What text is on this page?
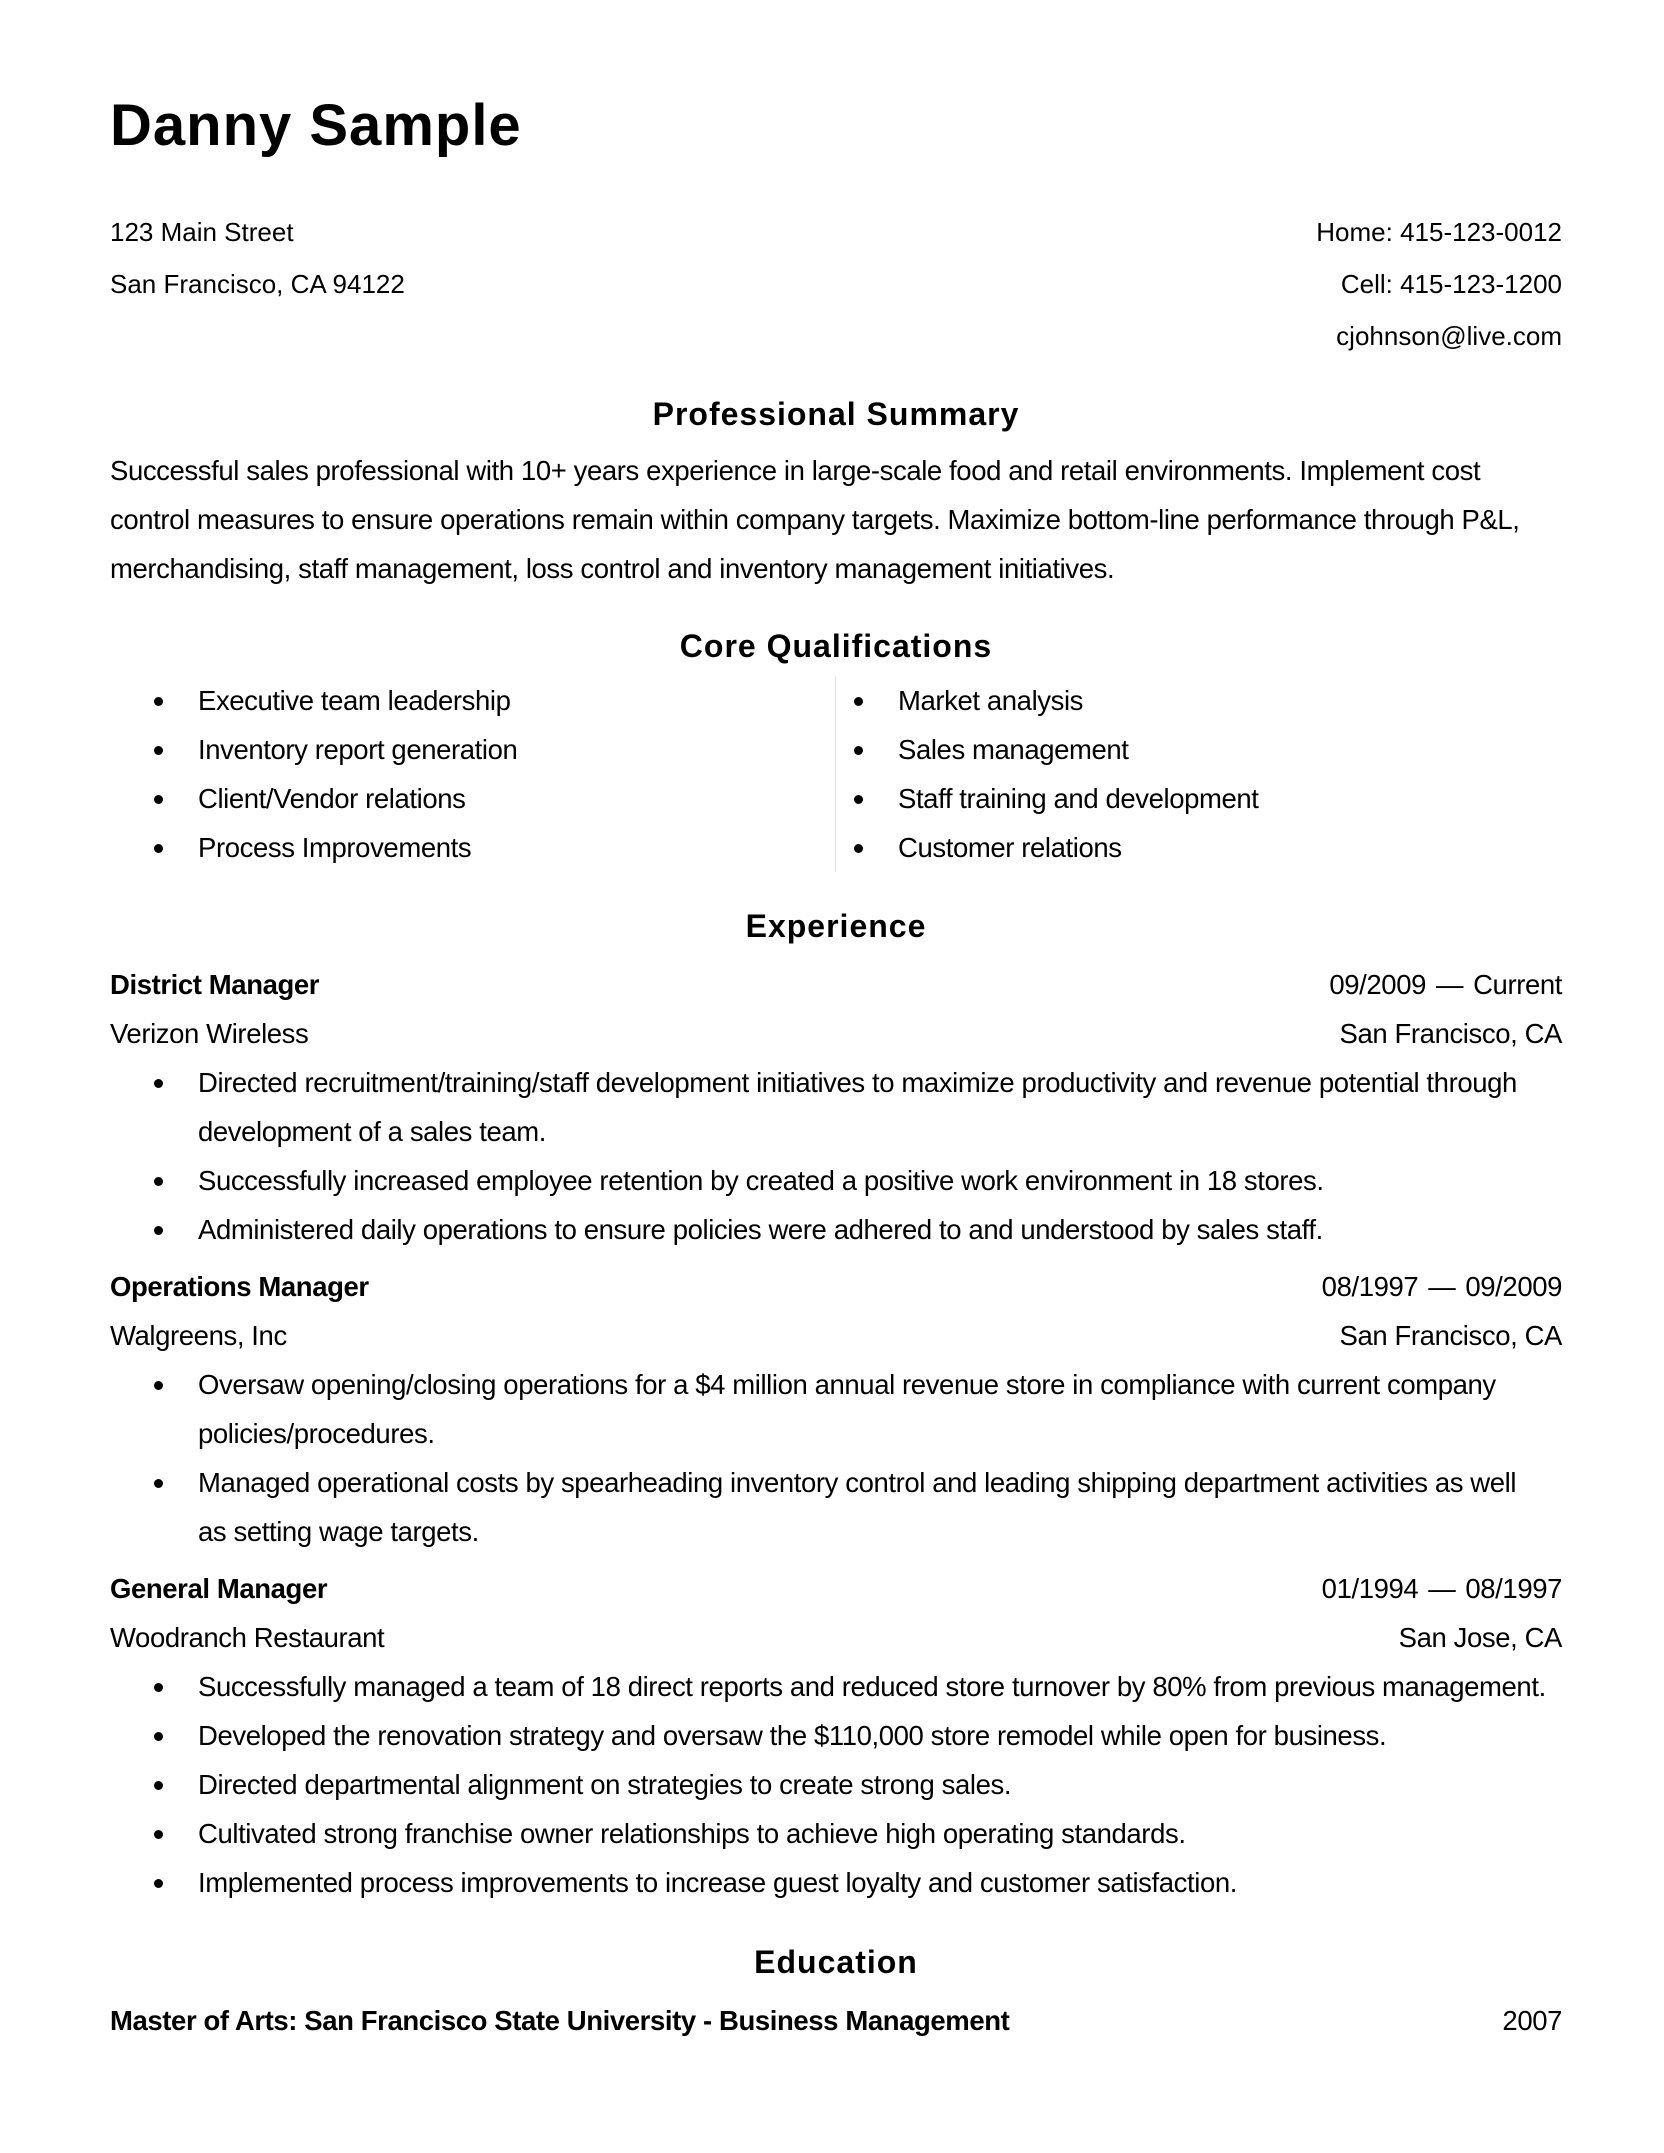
Danny Sample
123 Main Street
San Francisco, CA 94122
Home: 415-123-0012
Cell: 415-123-1200
cjohnson@live.com
Professional Summary

Successful sales professional with 10+ years experience in large-scale food and retail environments. Implement cost

control measures to ensure operations remain within company targets. Maximize bottom-line performance through P&L,

merchandising, staff management, loss control and inventory management initiatives.

Core Qualifications
Executive team leadership
Inventory report generation
Client/Vendor relations
Process Improvements
Market analysis
Sales management
Staff training and development
Customer relations
Experience
District Manager	09/2009 — Current
Verizon Wireless	San Francisco, CA
Directed recruitment/training/staff development initiatives to maximize productivity and revenue potential through
development of a sales team.
Successfully increased employee retention by created a positive work environment in 18 stores.
Administered daily operations to ensure policies were adhered to and understood by sales staff.
Operations Manager	08/1997 — 09/2009
Walgreens, Inc	San Francisco, CA
Oversaw opening/closing operations for a $4 million annual revenue store in compliance with current company
policies/procedures.
Managed operational costs by spearheading inventory control and leading shipping department activities as well
as setting wage targets.
General Manager	01/1994 — 08/1997
Woodranch Restaurant	San Jose, CA
Successfully managed a team of 18 direct reports and reduced store turnover by 80% from previous management.
Developed the renovation strategy and oversaw the $110,000 store remodel while open for business.
Directed departmental alignment on strategies to create strong sales.
Cultivated strong franchise owner relationships to achieve high operating standards.
Implemented process improvements to increase guest loyalty and customer satisfaction.
Education
Master of Arts: San Francisco State University - Business Management	2007
